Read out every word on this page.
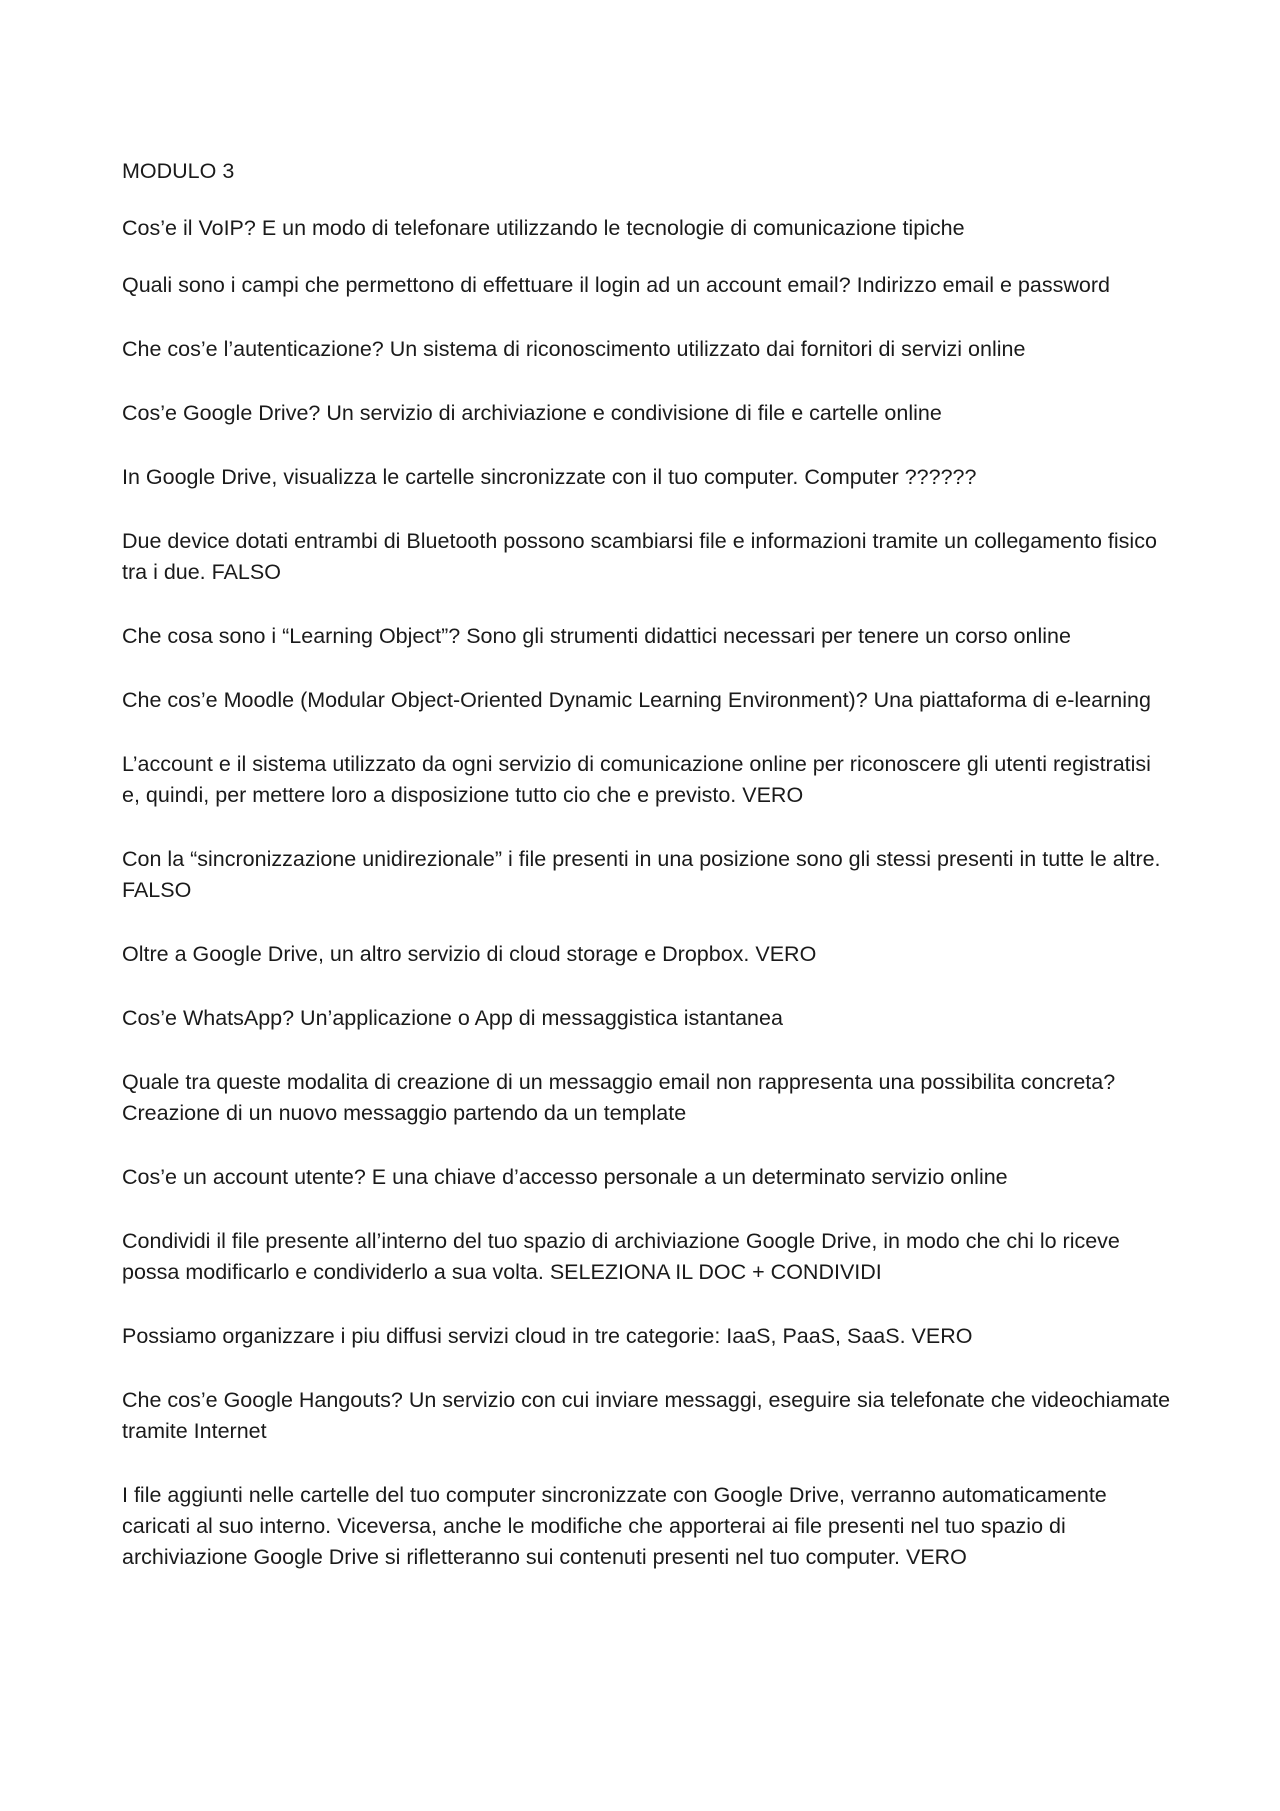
MODULO 3

Cos’e il VoIP? E un modo di telefonare utilizzando le tecnologie di comunicazione tipiche

Quali sono i campi che permettono di effettuare il login ad un account email? Indirizzo email e password

Che cos’e l’autenticazione? Un sistema di riconoscimento utilizzato dai fornitori di servizi online

Cos’e Google Drive? Un servizio di archiviazione e condivisione di file e cartelle online

In Google Drive, visualizza le cartelle sincronizzate con il tuo computer. Computer ??????

Due device dotati entrambi di Bluetooth possono scambiarsi file e informazioni tramite un collegamento fisico tra i due. FALSO

Che cosa sono i “Learning Object”? Sono gli strumenti didattici necessari per tenere un corso online

Che cos’e Moodle (Modular Object-Oriented Dynamic Learning Environment)? Una piattaforma di e-learning

L’account e il sistema utilizzato da ogni servizio di comunicazione online per riconoscere gli utenti registratisi e, quindi, per mettere loro a disposizione tutto cio che e previsto. VERO

Con la “sincronizzazione unidirezionale” i file presenti in una posizione sono gli stessi presenti in tutte le altre. FALSO

Oltre a Google Drive, un altro servizio di cloud storage e Dropbox. VERO

Cos’e WhatsApp? Un’applicazione o App di messaggistica istantanea

Quale tra queste modalita di creazione di un messaggio email non rappresenta una possibilita concreta? Creazione di un nuovo messaggio partendo da un template

Cos’e un account utente? E una chiave d’accesso personale a un determinato servizio online

Condividi il file presente all’interno del tuo spazio di archiviazione Google Drive, in modo che chi lo riceve possa modificarlo e condividerlo a sua volta. SELEZIONA IL DOC + CONDIVIDI

Possiamo organizzare i piu diffusi servizi cloud in tre categorie: IaaS, PaaS, SaaS. VERO

Che cos’e Google Hangouts? Un servizio con cui inviare messaggi, eseguire sia telefonate che videochiamate tramite Internet

I file aggiunti nelle cartelle del tuo computer sincronizzate con Google Drive, verranno automaticamente caricati al suo interno. Viceversa, anche le modifiche che apporterai ai file presenti nel tuo spazio di archiviazione Google Drive si rifletteranno sui contenuti presenti nel tuo computer. VERO
